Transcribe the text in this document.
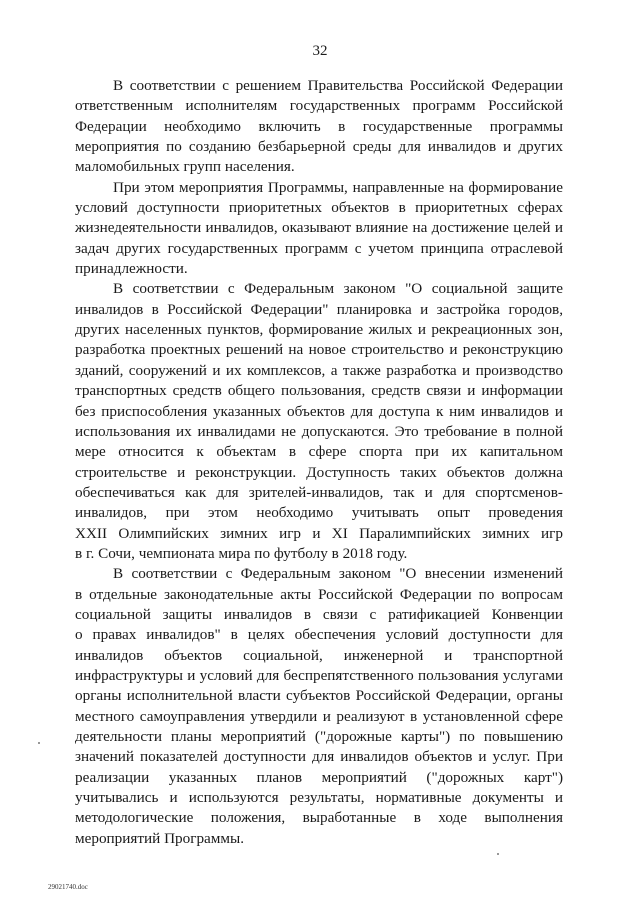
32
В соответствии с решением Правительства Российской Федерации
ответственным исполнителям государственных программ Российской
Федерации необходимо включить в государственные программы
мероприятия по созданию безбарьерной среды для инвалидов и других
маломобильных групп населения.
При этом мероприятия Программы, направленные на формирование
условий доступности приоритетных объектов в приоритетных сферах
жизнедеятельности инвалидов, оказывают влияние на достижение целей и
задач других государственных программ с учетом принципа отраслевой
принадлежности.
В соответствии с Федеральным законом "О социальной защите
инвалидов в Российской Федерации" планировка и застройка городов,
других населенных пунктов, формирование жилых и рекреационных зон,
разработка проектных решений на новое строительство и реконструкцию
зданий, сооружений и их комплексов, а также разработка и производство
транспортных средств общего пользования, средств связи и информации
без приспособления указанных объектов для доступа к ним инвалидов и
использования их инвалидами не допускаются. Это требование в полной
мере относится к объектам в сфере спорта при их капитальном
строительстве и реконструкции. Доступность таких объектов должна
обеспечиваться как для зрителей-инвалидов, так и для спортсменов-
инвалидов, при этом необходимо учитывать опыт проведения
XXII Олимпийских зимних игр и XI Паралимпийских зимних игр
в г. Сочи, чемпионата мира по футболу в 2018 году.
В соответствии с Федеральным законом "О внесении изменений
в отдельные законодательные акты Российской Федерации по вопросам
социальной защиты инвалидов в связи с ратификацией Конвенции
о правах инвалидов" в целях обеспечения условий доступности для
инвалидов объектов социальной, инженерной и транспортной
инфраструктуры и условий для беспрепятственного пользования услугами
органы исполнительной власти субъектов Российской Федерации, органы
местного самоуправления утвердили и реализуют в установленной сфере
деятельности планы мероприятий ("дорожные карты") по повышению
значений показателей доступности для инвалидов объектов и услуг. При
реализации указанных планов мероприятий ("дорожных карт")
учитывались и используются результаты, нормативные документы и
методологические положения, выработанные в ходе выполнения
мероприятий Программы.
29021740.doc
